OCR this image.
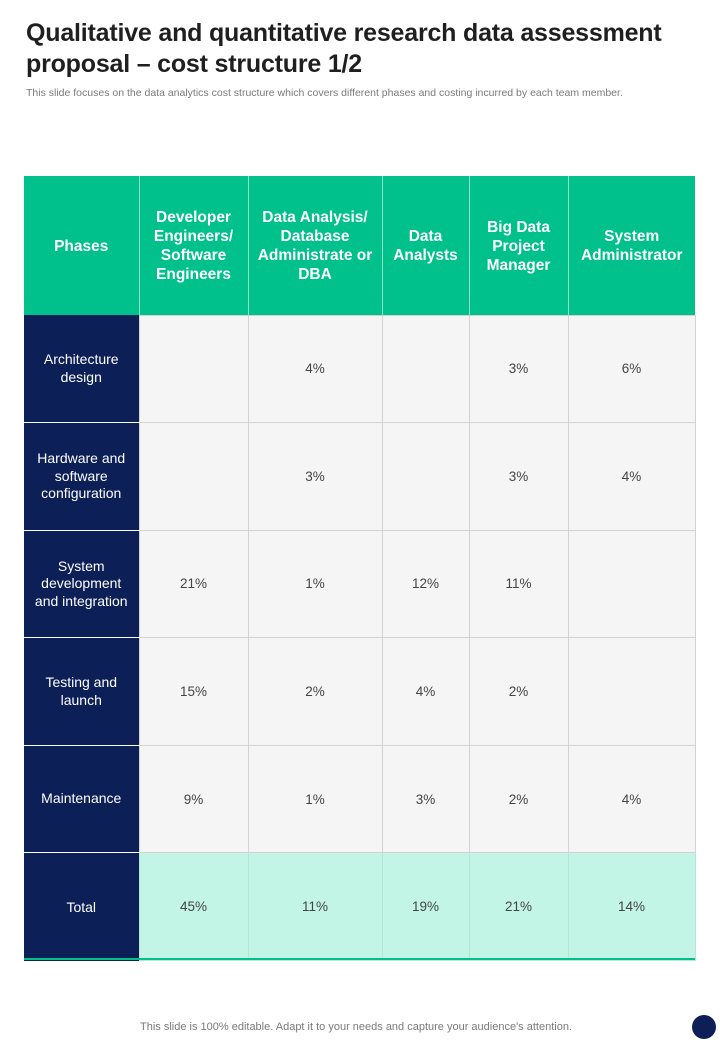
Qualitative and quantitative research data assessment proposal – cost structure 1/2
This slide focuses on the data analytics cost structure which covers different phases and costing incurred by each team member.

Phases	Developer Engineers/ Software Engineers	Data Analysis/ Database Administrate or DBA	Data Analysts	Big Data Project Manager	System Administrator

Architecture design		4%		3%	6%
Hardware and software configuration		3%		3%	4%
System development and integration	21%	1%	12%	11%	
Testing and launch	15%	2%	4%	2%	
Maintenance	9%	1%	3%	2%	4%
Total	45%	11%	19%	21%	14%
This slide is 100% editable. Adapt it to your needs and capture your audience's attention.
